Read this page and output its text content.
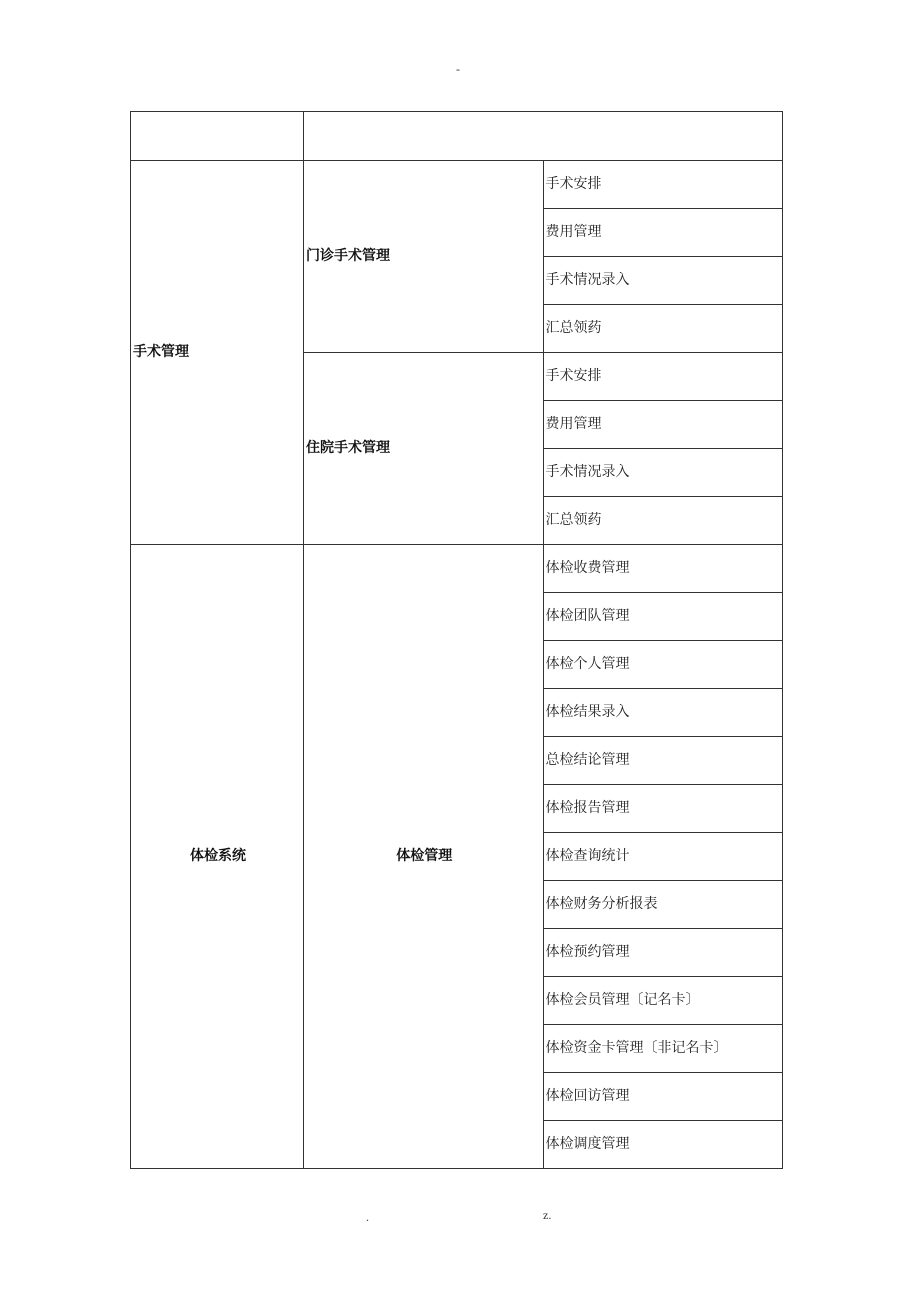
-

手术管理	门诊手术管理	手术安排
		费用管理
		手术情况录入
		汇总领药
	住院手术管理	手术安排
		费用管理
		手术情况录入
		汇总领药
体检系统	体检管理	体检收费管理
		体检团队管理
		体检个人管理
		体检结果录入
		总检结论管理
		体检报告管理
		体检查询统计
		体检财务分析报表
		体检预约管理
		体检会员管理〔记名卡〕
		体检资金卡管理〔非记名卡〕
		体检回访管理
		体检调度管理
.	z.
